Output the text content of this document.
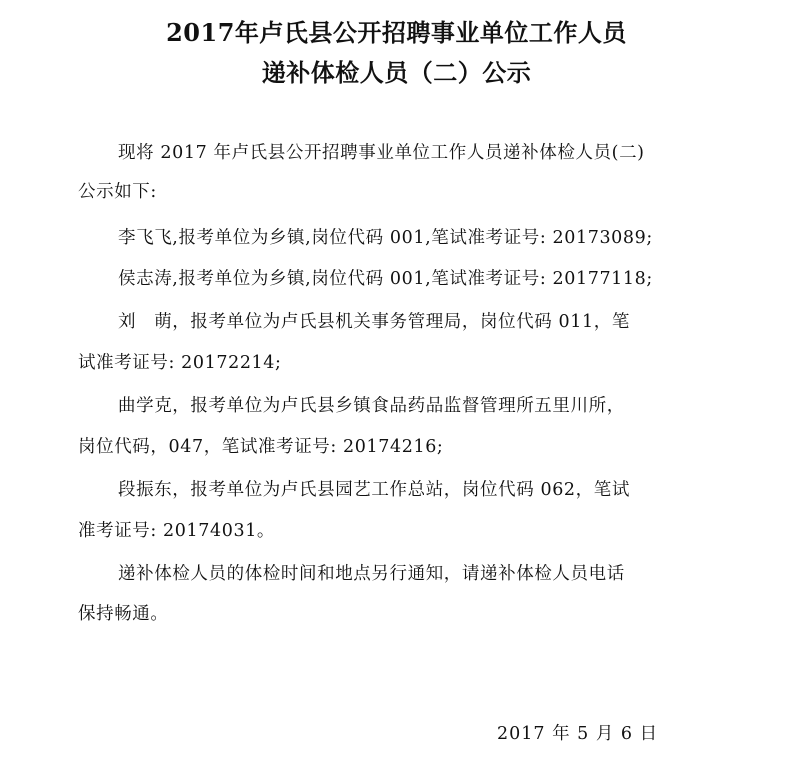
2017年卢氏县公开招聘事业单位工作人员
递补体检人员（二）公示
现将 2017 年卢氏县公开招聘事业单位工作人员递补体检人员(二)
公示如下:
李飞飞,报考单位为乡镇,岗位代码 001,笔试准考证号: 20173089;
侯志涛,报考单位为乡镇,岗位代码 001,笔试准考证号: 20177118;
刘　萌，报考单位为卢氏县机关事务管理局，岗位代码 011，笔
试准考证号: 20172214;
曲学克，报考单位为卢氏县乡镇食品药品监督管理所五里川所，
岗位代码，047，笔试准考证号: 20174216;
段振东，报考单位为卢氏县园艺工作总站，岗位代码 062，笔试
准考证号: 20174031。
递补体检人员的体检时间和地点另行通知，请递补体检人员电话
保持畅通。
2017 年 5 月 6 日
